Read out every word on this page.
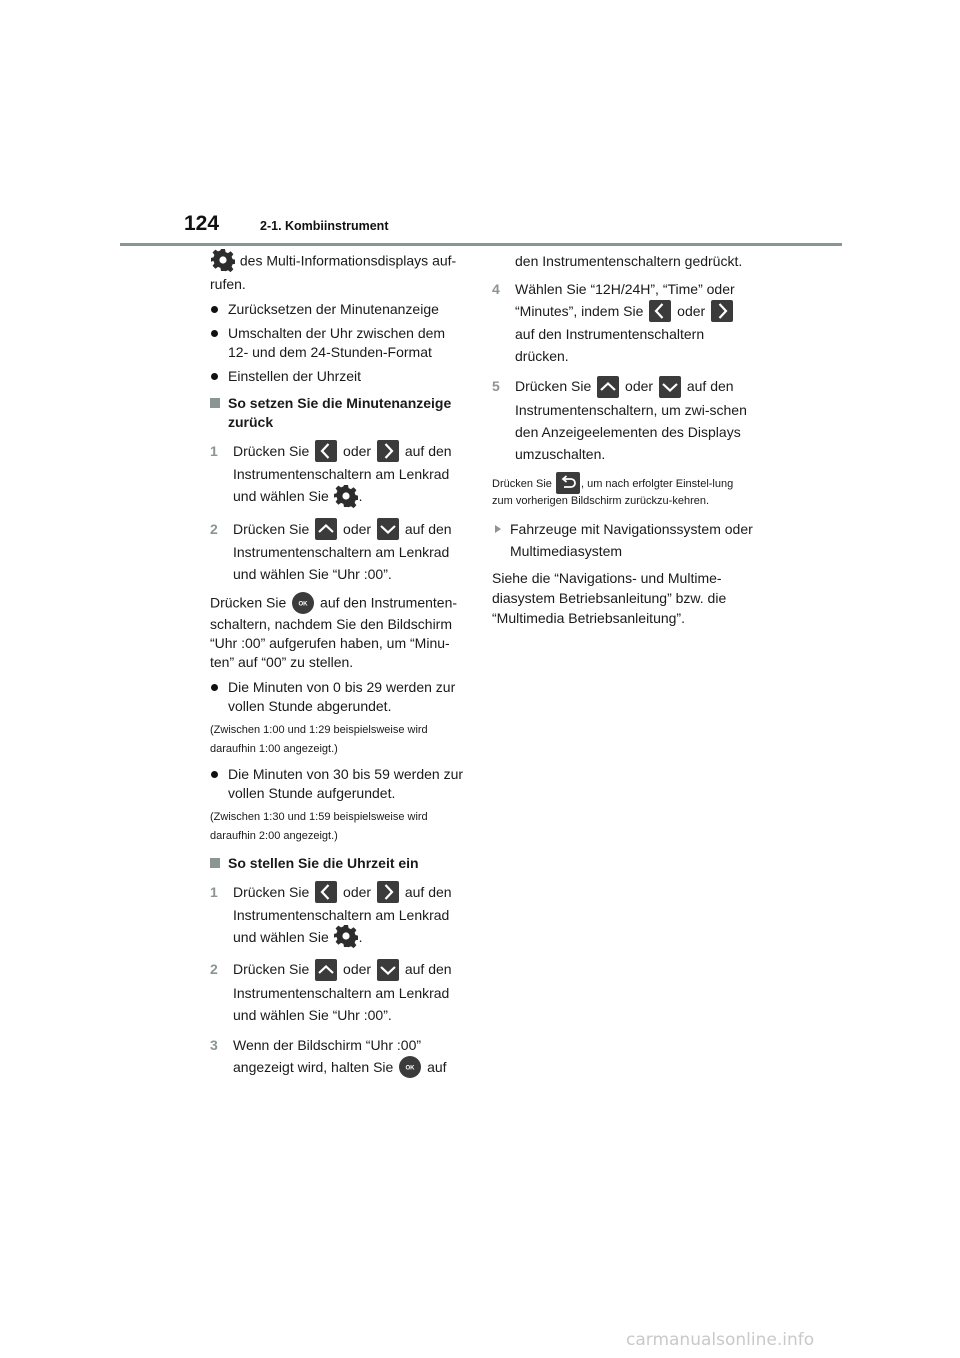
124	2-1. Kombiinstrument

des Multi-Informationsdisplays auf-rufen.

Zurücksetzen der Minutenanzeige
Umschalten der Uhr zwischen dem 12- und dem 24-Stunden-Format
Einstellen der Uhrzeit
So setzen Sie die Minutenanzeige zurück
1 Drücken Sie oder auf den Instrumentenschaltern am Lenkrad und wählen Sie .
2 Drücken Sie oder auf den Instrumentenschaltern am Lenkrad und wählen Sie “Uhr :00”.

Drücken Sie OK auf den Instrumenten-schaltern, nachdem Sie den Bildschirm “Uhr :00” aufgerufen haben, um “Minu-ten” auf “00” zu stellen.

Die Minuten von 0 bis 29 werden zur vollen Stunde abgerundet.

(Zwischen 1:00 und 1:29 beispielsweise wird daraufhin 1:00 angezeigt.)

Die Minuten von 30 bis 59 werden zur vollen Stunde aufgerundet.

(Zwischen 1:30 und 1:59 beispielsweise wird daraufhin 2:00 angezeigt.)

So stellen Sie die Uhrzeit ein
1 Drücken Sie oder auf den Instrumentenschaltern am Lenkrad und wählen Sie .
2 Drücken Sie oder auf den Instrumentenschaltern am Lenkrad und wählen Sie “Uhr :00”.
3 Wenn der Bildschirm “Uhr :00” angezeigt wird, halten Sie OK auf
den Instrumentenschaltern gedrückt.
4 Wählen Sie “12H/24H”, “Time” oder “Minutes”, indem Sie oder
auf den Instrumentenschaltern drücken.
5 Drücken Sie oder auf den Instrumentenschaltern, um zwi-schen den Anzeigeelementen des Displays umzuschalten.

Drücken Sie	, um nach erfolgter Einstel-lung zum vorherigen Bildschirm zurückzu-kehren.

Fahrzeuge mit Navigationssystem oder Multimediasystem

Siehe die “Navigations- und Multime-diasystem Betriebsanleitung” bzw. die “Multimedia Betriebsanleitung”.

carmanualsonline.info
